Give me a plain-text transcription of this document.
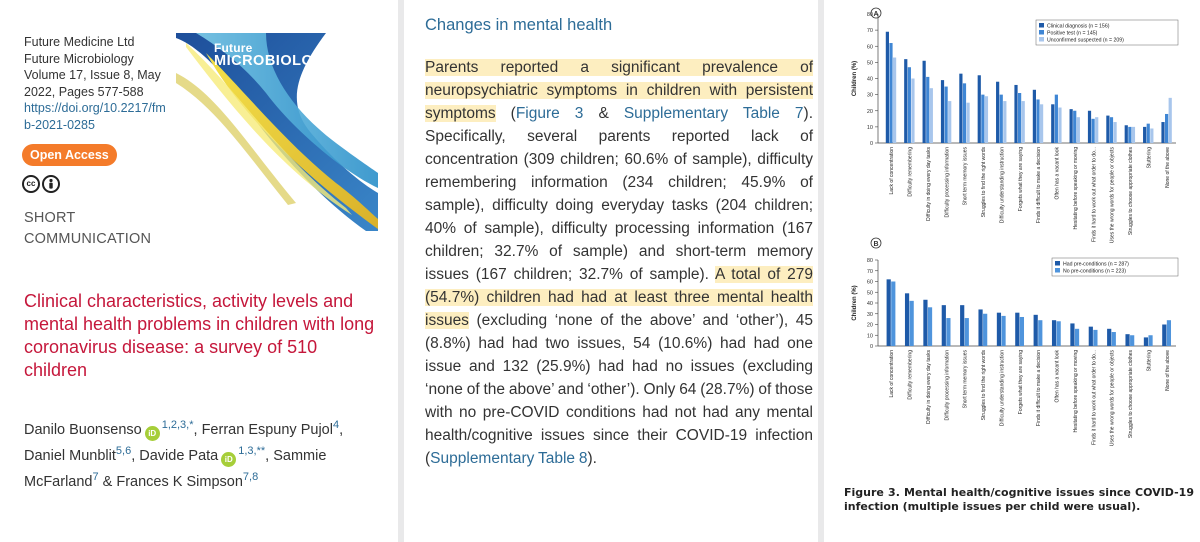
Future Medicine Ltd
Future Microbiology
Volume 17, Issue 8, May
2022, Pages 577-588
https://doi.org/10.2217/fm
b-2021-0285
Future
MICROBIOLOGY
Open Access
cc
SHORT
COMMUNICATION
Clinical characteristics, activity levels and mental health problems in children with long coronavirus disease: a survey of 510 children
Danilo Buonsenso $iD^{1,2,3,*}$, Ferran Espuny Pujol$^4$, Daniel Munblit$^{5,6}$, Davide Pata $iD^{1,3,**}$, Sammie McFarland$^7$ & Frances K Simpson$^{7,8}$
Changes in mental health
Parents reported a significant prevalence of neuropsychiatric symptoms in children with persistent symptoms (Figure 3 & Supplementary Table 7). Specifically, several parents reported lack of concentration (309 children; 60.6% of sample), difficulty remembering information (234 children; 45.9% of sample), difficulty doing everyday tasks (204 children; 40% of sample), difficulty processing information (167 children; 32.7% of sample) and short-term memory issues (167 children; 32.7% of sample). A total of 279 (54.7%) children had had at least three mental health issues (excluding ‘none of the above’ and ‘other’), 45 (8.8%) had had two issues, 54 (10.6%) had had one issue and 132 (25.9%) had had no issues (excluding ‘none of the above’ and ‘other’). Only 64 (28.7%) of those with no pre-COVID conditions had not had any mental health/cognitive issues since their COVID-19 infection (Supplementary Table 8).
A
0
10
20
30
40
50
60
70
80
Children (%)
Lack of concentration Difficulty remembering Difficulty in doing every day tasks Difficulty processing information Short term memory issues Struggles to find the right words Difficulty understanding instruction Forgets what they are saying Finds it difficult to make a decision Often has a vacant look Hesitating before speaking or moving Finds it hard to work out what order to do... Uses the wrong words for people or objects Struggles to choose appropriate clothes Stuttering None of the above
Clinical diagnosis (n = 156)
Positive test (n = 145)
Unconfirmed suspected (n = 209)
B
0
10
20
30
40
50
60
70
80
Children (%)
Lack of concentration Difficulty remembering Difficulty in doing every day tasks Difficulty processing information Short term memory issues Struggles to find the right words Difficulty understanding instruction Forgets what they are saying Finds it difficult to make a decision Often has a vacant look Hesitating before speaking or moving Finds it hard to work out what order to do... Uses the wrong words for people or objects Struggles to choose appropriate clothes Stuttering None of the above
Had pre-conditions (n = 287)
No pre-conditions (n = 223)
Figure 3. Mental health/cognitive issues since COVID-19 infection (multiple issues per child were usual).
